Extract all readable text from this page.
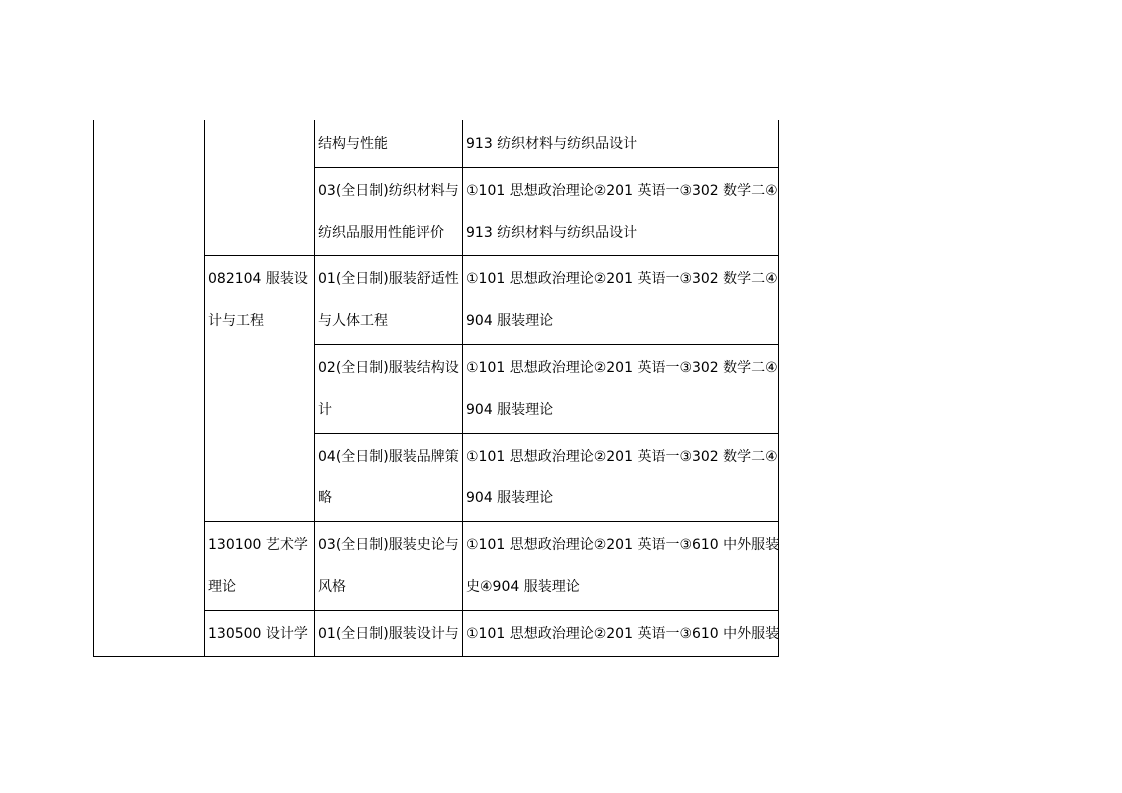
结构与性能	913 纺织材料与纺织品设计
03(全日制)纺织材料与
纺织品服用性能评价
①101 思想政治理论②201 英语一③302 数学二④
913 纺织材料与纺织品设计
082104 服装设
计与工程
01(全日制)服装舒适性
与人体工程
①101 思想政治理论②201 英语一③302 数学二④
904 服装理论
02(全日制)服装结构设
计
①101 思想政治理论②201 英语一③302 数学二④
904 服装理论
04(全日制)服装品牌策
略
①101 思想政治理论②201 英语一③302 数学二④
904 服装理论
130100 艺术学
理论
03(全日制)服装史论与
风格
①101 思想政治理论②201 英语一③610 中外服装
史④904 服装理论
130500 设计学 01(全日制)服装设计与 ①101 思想政治理论②201 英语一③610 中外服装
